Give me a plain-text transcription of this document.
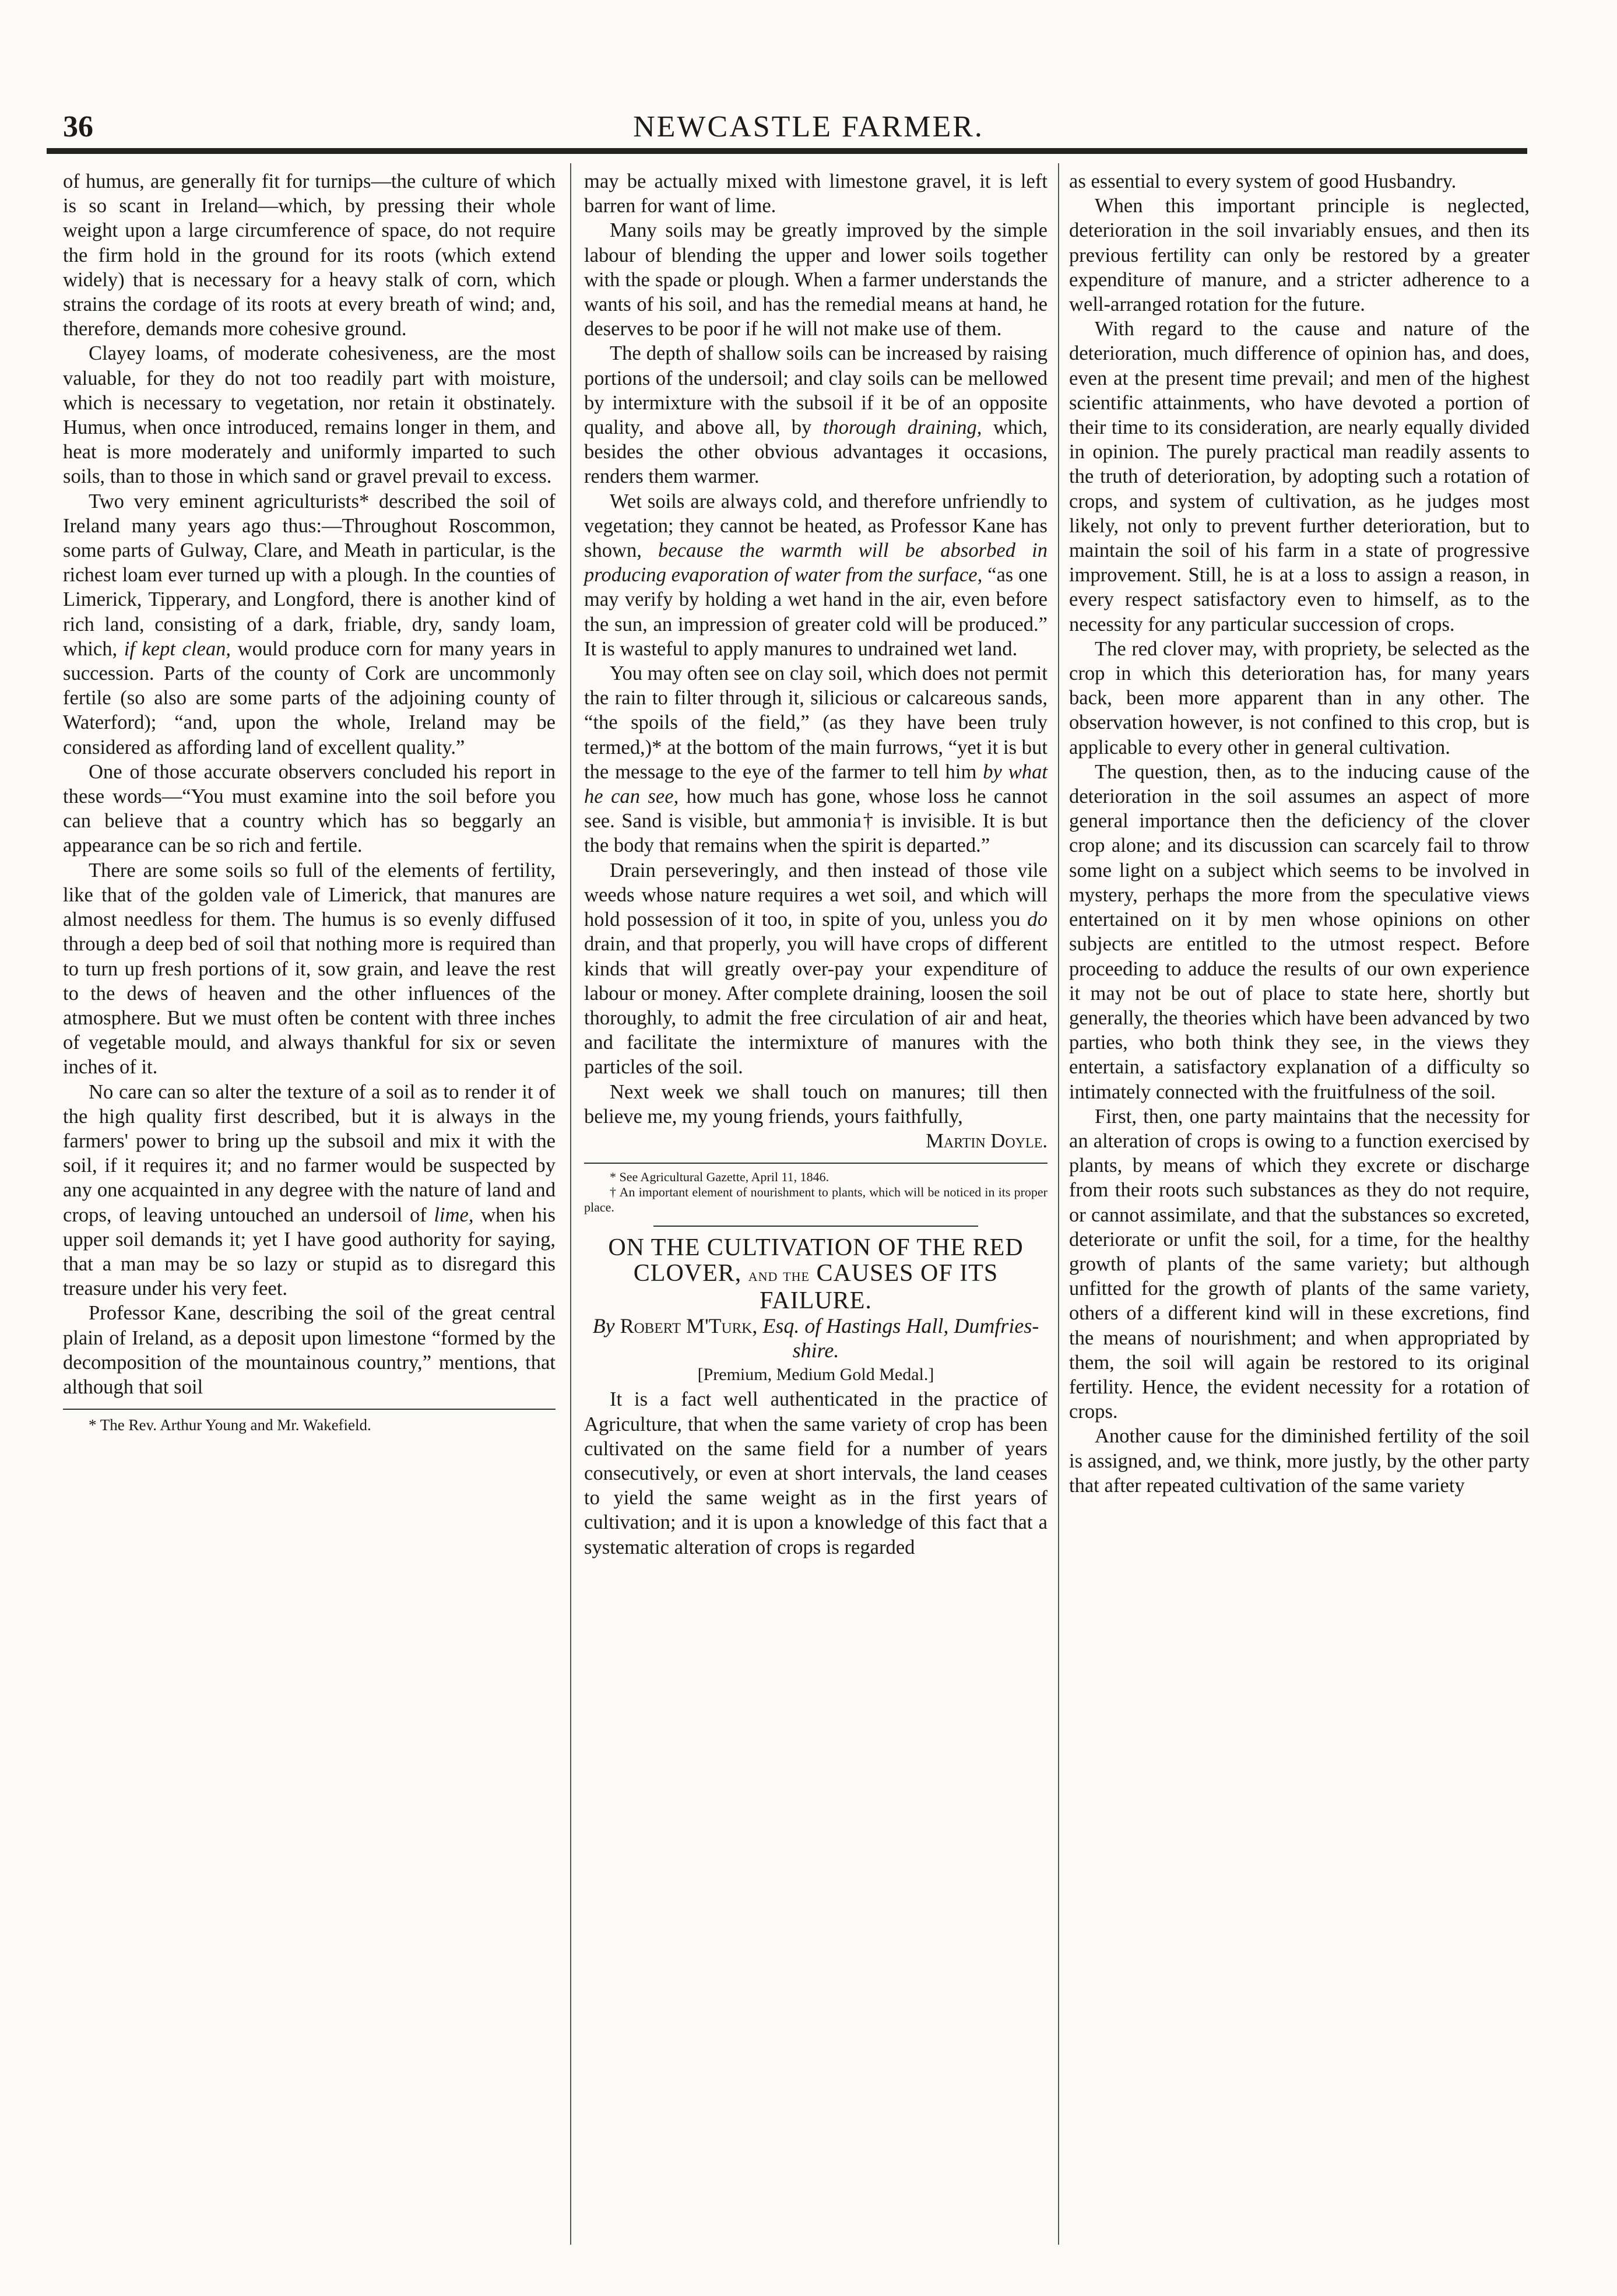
36	NEWCASTLE FARMER.

of humus, are generally fit for turnips—the culture of which is so scant in Ireland—which, by pressing their whole weight upon a large circumference of space, do not require the firm hold in the ground for its roots (which extend widely) that is necessary for a heavy stalk of corn, which strains the cordage of its roots at every breath of wind; and, therefore, demands more cohesive ground.

Clayey loams, of moderate cohesiveness, are the most valuable, for they do not too readily part with moisture, which is necessary to vegetation, nor retain it obstinately. Humus, when once introduced, remains longer in them, and heat is more moderately and uniformly imparted to such soils, than to those in which sand or gravel prevail to excess.

Two very eminent agriculturists* described the soil of Ireland many years ago thus:—Throughout Roscommon, some parts of Gulway, Clare, and Meath in particular, is the richest loam ever turned up with a plough. In the counties of Limerick, Tipperary, and Longford, there is another kind of rich land, consisting of a dark, friable, dry, sandy loam, which, if kept clean, would produce corn for many years in succession. Parts of the county of Cork are uncommonly fertile (so also are some parts of the adjoining county of Waterford); “and, upon the whole, Ireland may be considered as affording land of excellent quality.”

One of those accurate observers concluded his report in these words—“You must examine into the soil before you can believe that a country which has so beggarly an appearance can be so rich and fertile.

There are some soils so full of the elements of fertility, like that of the golden vale of Limerick, that manures are almost needless for them. The humus is so evenly diffused through a deep bed of soil that nothing more is required than to turn up fresh portions of it, sow grain, and leave the rest to the dews of heaven and the other influences of the atmosphere. But we must often be content with three inches of vegetable mould, and always thankful for six or seven inches of it.

No care can so alter the texture of a soil as to render it of the high quality first described, but it is always in the farmers' power to bring up the subsoil and mix it with the soil, if it requires it; and no farmer would be suspected by any one acquainted in any degree with the nature of land and crops, of leaving untouched an undersoil of lime, when his upper soil demands it; yet I have good authority for saying, that a man may be so lazy or stupid as to disregard this treasure under his very feet.

Professor Kane, describing the soil of the great central plain of Ireland, as a deposit upon limestone “formed by the decomposition of the mountainous country,” mentions, that although that soil

* The Rev. Arthur Young and Mr. Wakefield.

may be actually mixed with limestone gravel, it is left barren for want of lime.

Many soils may be greatly improved by the simple labour of blending the upper and lower soils together with the spade or plough. When a farmer understands the wants of his soil, and has the remedial means at hand, he deserves to be poor if he will not make use of them.

The depth of shallow soils can be increased by raising portions of the undersoil; and clay soils can be mellowed by intermixture with the subsoil if it be of an opposite quality, and above all, by thorough draining, which, besides the other obvious advantages it occasions, renders them warmer.

Wet soils are always cold, and therefore unfriendly to vegetation; they cannot be heated, as Professor Kane has shown, because the warmth will be absorbed in producing evaporation of water from the surface, “as one may verify by holding a wet hand in the air, even before the sun, an impression of greater cold will be produced.” It is wasteful to apply manures to undrained wet land.

You may often see on clay soil, which does not permit the rain to filter through it, silicious or calcareous sands, “the spoils of the field,” (as they have been truly termed,)* at the bottom of the main furrows, “yet it is but the message to the eye of the farmer to tell him by what he can see, how much has gone, whose loss he cannot see. Sand is visible, but ammonia† is invisible. It is but the body that remains when the spirit is departed.”

Drain perseveringly, and then instead of those vile weeds whose nature requires a wet soil, and which will hold possession of it too, in spite of you, unless you do drain, and that properly, you will have crops of different kinds that will greatly over-pay your expenditure of labour or money. After complete draining, loosen the soil thoroughly, to admit the free circulation of air and heat, and facilitate the intermixture of manures with the particles of the soil.

Next week we shall touch on manures; till then believe me, my young friends, yours faithfully,

Martin Doyle.

* See Agricultural Gazette, April 11, 1846.

† An important element of nourishment to plants, which will be noticed in its proper place.

ON THE CULTIVATION OF THE RED CLOVER, and the CAUSES OF ITS FAILURE.

By Robert M'Turk, Esq. of Hastings Hall, Dumfries-shire.

[Premium, Medium Gold Medal.]

It is a fact well authenticated in the practice of Agriculture, that when the same variety of crop has been cultivated on the same field for a number of years consecutively, or even at short intervals, the land ceases to yield the same weight as in the first years of cultivation; and it is upon a knowledge of this fact that a systematic alteration of crops is regarded

as essential to every system of good Husbandry.

When this important principle is neglected, deterioration in the soil invariably ensues, and then its previous fertility can only be restored by a greater expenditure of manure, and a stricter adherence to a well-arranged rotation for the future.

With regard to the cause and nature of the deterioration, much difference of opinion has, and does, even at the present time prevail; and men of the highest scientific attainments, who have devoted a portion of their time to its consideration, are nearly equally divided in opinion. The purely practical man readily assents to the truth of deterioration, by adopting such a rotation of crops, and system of cultivation, as he judges most likely, not only to prevent further deterioration, but to maintain the soil of his farm in a state of progressive improvement. Still, he is at a loss to assign a reason, in every respect satisfactory even to himself, as to the necessity for any particular succession of crops.

The red clover may, with propriety, be selected as the crop in which this deterioration has, for many years back, been more apparent than in any other. The observation however, is not confined to this crop, but is applicable to every other in general cultivation.

The question, then, as to the inducing cause of the deterioration in the soil assumes an aspect of more general importance then the deficiency of the clover crop alone; and its discussion can scarcely fail to throw some light on a subject which seems to be involved in mystery, perhaps the more from the speculative views entertained on it by men whose opinions on other subjects are entitled to the utmost respect. Before proceeding to adduce the results of our own experience it may not be out of place to state here, shortly but generally, the theories which have been advanced by two parties, who both think they see, in the views they entertain, a satisfactory explanation of a difficulty so intimately connected with the fruitfulness of the soil.

First, then, one party maintains that the necessity for an alteration of crops is owing to a function exercised by plants, by means of which they excrete or discharge from their roots such substances as they do not require, or cannot assimilate, and that the substances so excreted, deteriorate or unfit the soil, for a time, for the healthy growth of plants of the same variety; but although unfitted for the growth of plants of the same variety, others of a different kind will in these excretions, find the means of nourishment; and when appropriated by them, the soil will again be restored to its original fertility. Hence, the evident necessity for a rotation of crops.

Another cause for the diminished fertility of the soil is assigned, and, we think, more justly, by the other party that after repeated cultivation of the same variety
